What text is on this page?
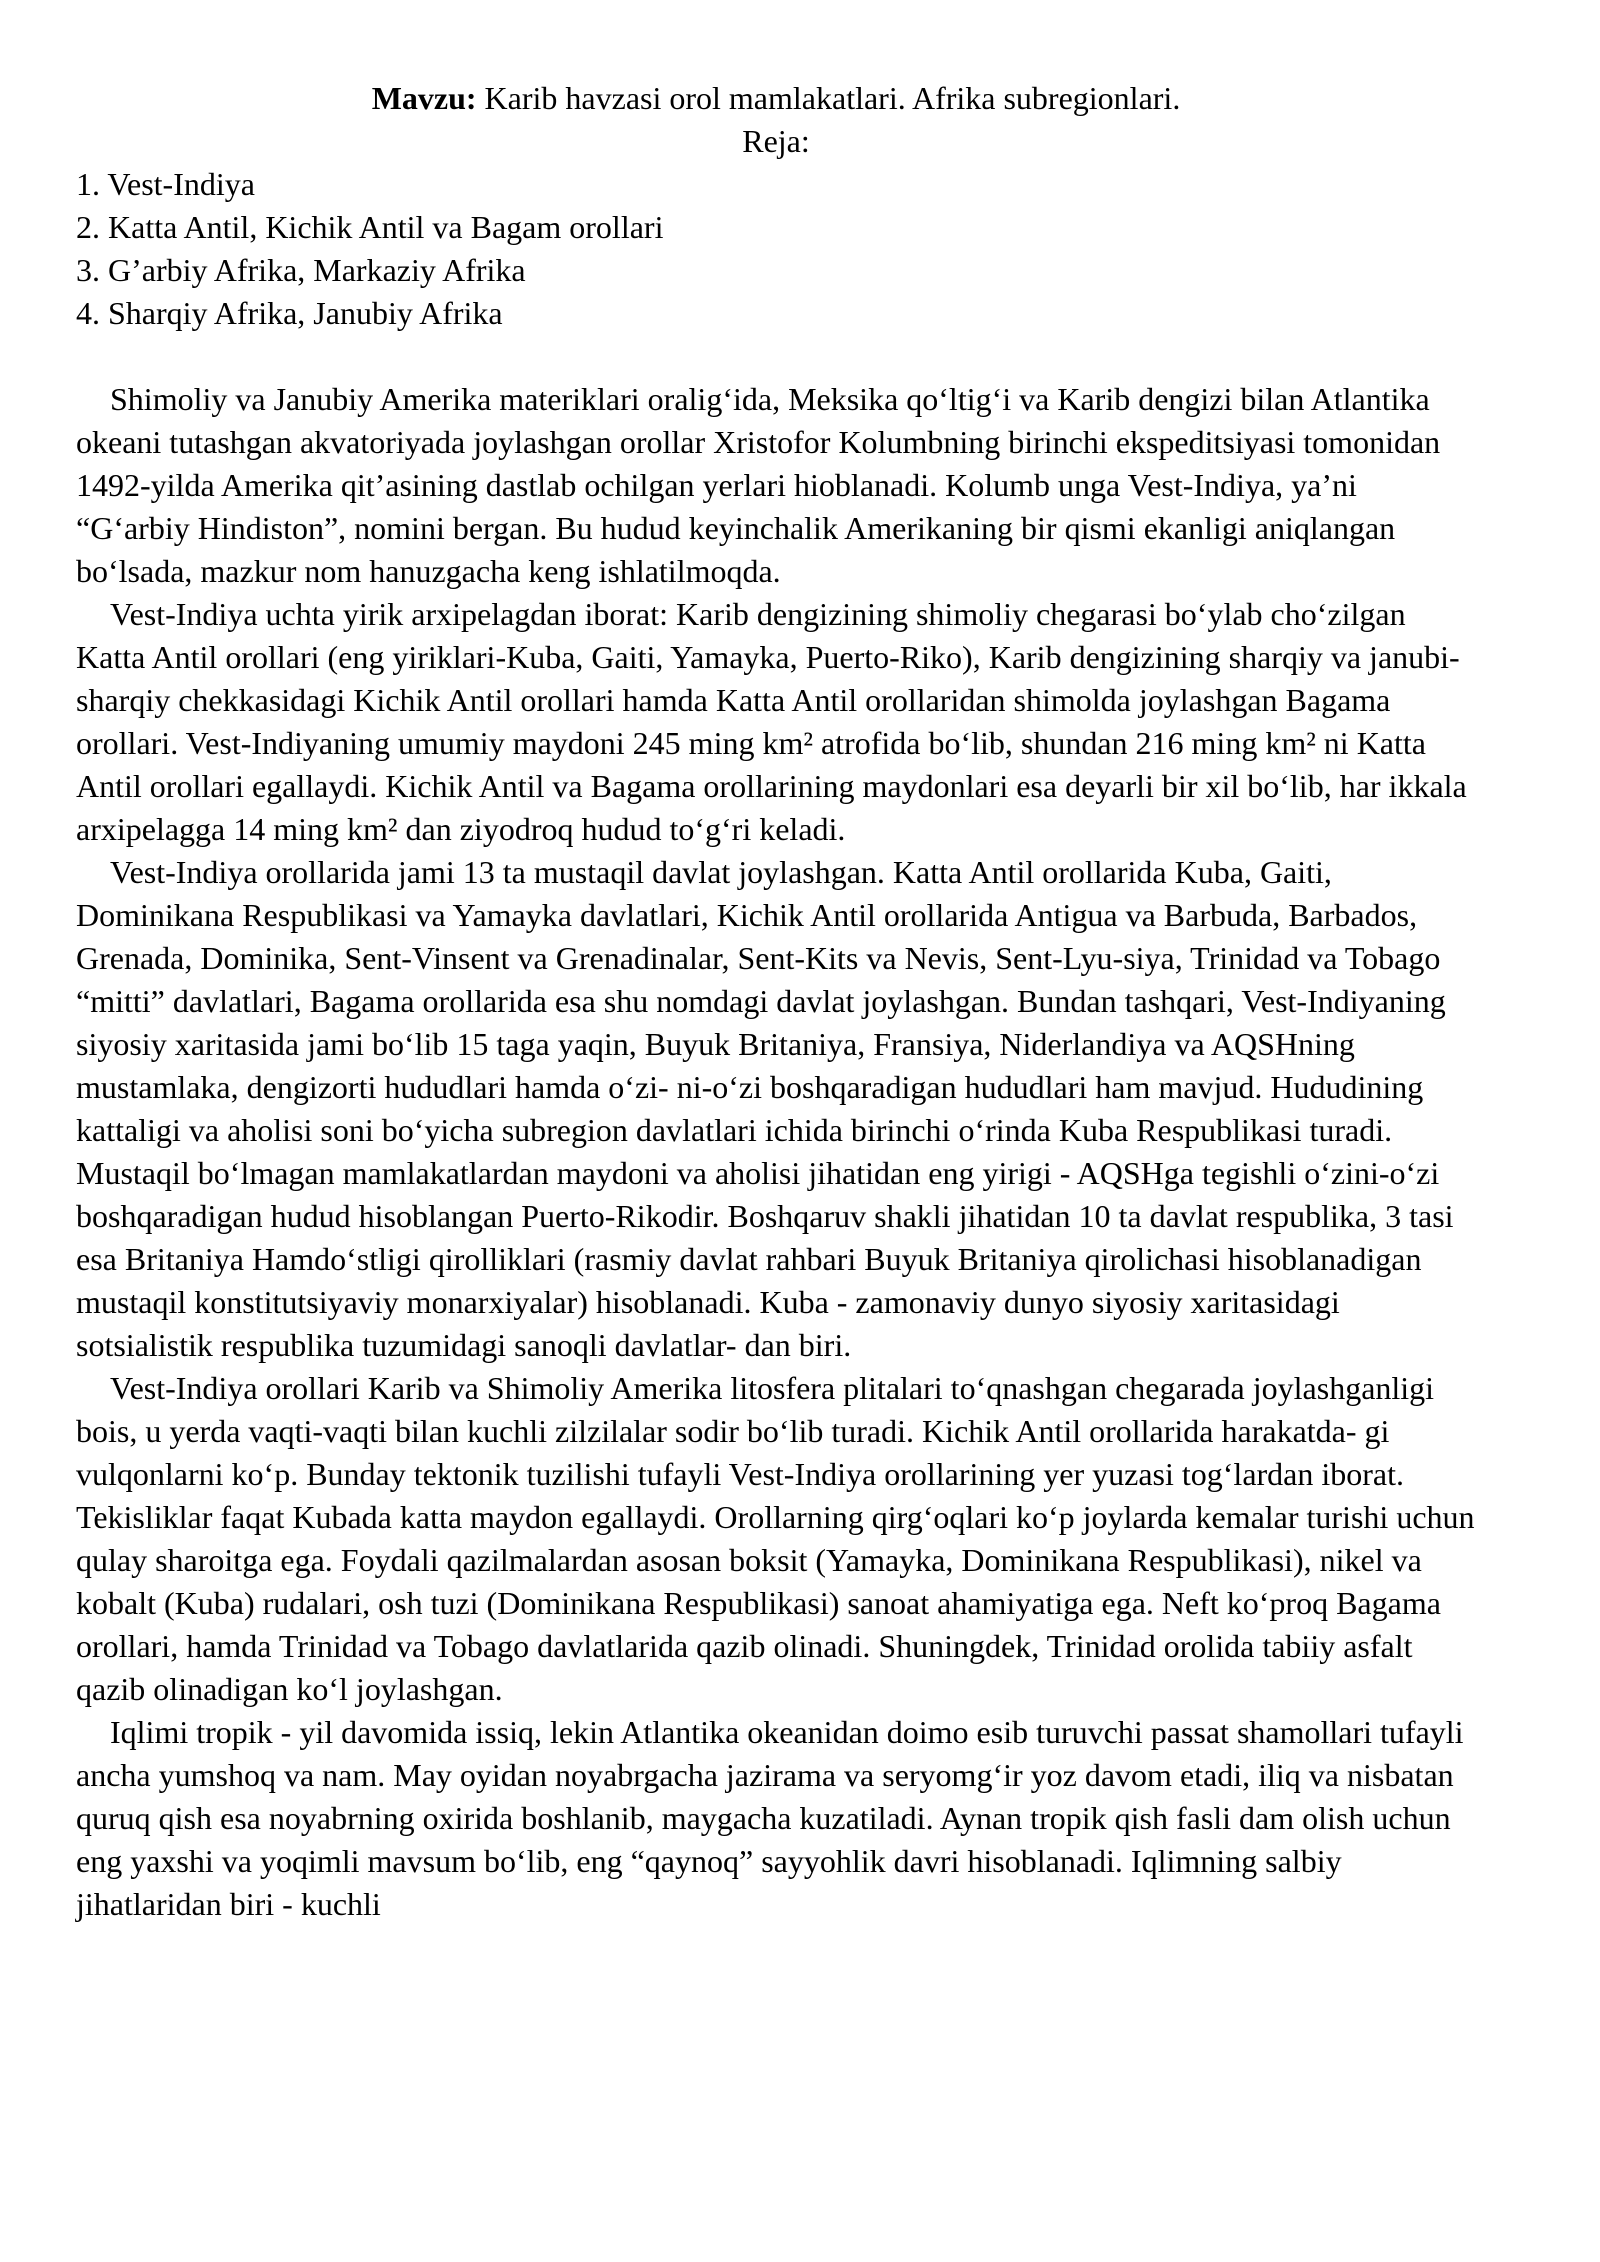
Mavzu: Karib havzasi orol mamlakatlari. Afrika subregionlari.
Reja:
1. Vest-Indiya
2. Katta Antil, Kichik Antil va Bagam orollari
3. G’arbiy Afrika, Markaziy Afrika
4. Sharqiy Afrika, Janubiy Afrika

Shimoliy va Janubiy Amerika materiklari oraligʻida, Meksika qoʻltigʻi va Karib dengizi bilan Atlantika okeani tutashgan akvatoriyada joylashgan orollar Xristofor Kolumbning birinchi ekspeditsiyasi tomonidan 1492-yilda Amerika qitʼasining dastlab ochilgan yerlari hioblanadi. Kolumb unga Vest-Indiya, yaʼni “Gʻarbiy Hindiston”, nomini bergan. Bu hudud keyinchalik Amerikaning bir qismi ekanligi aniqlangan boʻlsada, mazkur nom hanuzgacha keng ishlatilmoqda.

Vest-Indiya uchta yirik arxipelagdan iborat: Karib dengizining shimoliy chegarasi boʻylab choʻzilgan Katta Antil orollari (eng yiriklari-Kuba, Gaiti, Yamayka, Puerto-Riko), Karib dengizining sharqiy va janubi-sharqiy chekkasidagi Kichik Antil orollari hamda Katta Antil orollaridan shimolda joylashgan Bagama orollari. Vest-Indiyaning umumiy maydoni 245 ming km² atrofida boʻlib, shundan 216 ming km² ni Katta Antil orollari egallaydi. Kichik Antil va Bagama orollarining maydonlari esa deyarli bir xil boʻlib, har ikkala arxipelagga 14 ming km² dan ziyodroq hudud toʻgʻri keladi.

Vest-Indiya orollarida jami 13 ta mustaqil davlat joylashgan. Katta Antil orollarida Kuba, Gaiti, Dominikana Respublikasi va Yamayka davlatlari, Kichik Antil orollarida Antigua va Barbuda, Barbados, Grenada, Dominika, Sent-Vinsent va Grenadinalar, Sent-Kits va Nevis, Sent-Lyu-siya, Trinidad va Tobago “mitti” davlatlari, Bagama orollarida esa shu nomdagi davlat joylashgan. Bundan tashqari, Vest-Indiyaning siyosiy xaritasida jami boʻlib 15 taga yaqin, Buyuk Britaniya, Fransiya, Niderlandiya va AQSHning mustamlaka, dengizorti hududlari hamda oʻzi- ni-oʻzi boshqaradigan hududlari ham mavjud. Hududining kattaligi va aholisi soni boʻyicha subregion davlatlari ichida birinchi oʻrinda Kuba Respublikasi turadi. Mustaqil boʻlmagan mamlakatlardan maydoni va aholisi jihatidan eng yirigi - AQSHga tegishli oʻzini-oʻzi boshqaradigan hudud hisoblangan Puerto-Rikodir. Boshqaruv shakli jihatidan 10 ta davlat respublika, 3 tasi esa Britaniya Hamdoʻstligi qirolliklari (rasmiy davlat rahbari Buyuk Britaniya qirolichasi hisoblanadigan mustaqil konstitutsiyaviy monarxiyalar) hisoblanadi. Kuba - zamonaviy dunyo siyosiy xaritasidagi sotsialistik respublika tuzumidagi sanoqli davlatlar- dan biri.

Vest-Indiya orollari Karib va Shimoliy Amerika litosfera plitalari toʻqnashgan chegarada joylashganligi bois, u yerda vaqti-vaqti bilan kuchli zilzilalar sodir boʻlib turadi. Kichik Antil orollarida harakatda- gi vulqonlarni koʻp. Bunday tektonik tuzilishi tufayli Vest-Indiya orollarining yer yuzasi togʻlardan iborat. Tekisliklar faqat Kubada katta maydon egallaydi. Orollarning qirgʻoqlari koʻp joylarda kemalar turishi uchun qulay sharoitga ega. Foydali qazilmalardan asosan boksit (Yamayka, Dominikana Respublikasi), nikel va kobalt (Kuba) rudalari, osh tuzi (Dominikana Respublikasi) sanoat ahamiyatiga ega. Neft koʻproq Bagama orollari, hamda Trinidad va Tobago davlatlarida qazib olinadi. Shuningdek, Trinidad orolida tabiiy asfalt qazib olinadigan koʻl joylashgan.

Iqlimi tropik - yil davomida issiq, lekin Atlantika okeanidan doimo esib turuvchi passat shamollari tufayli ancha yumshoq va nam. May oyidan noyabrgacha jazirama va seryomgʻir yoz davom etadi, iliq va nisbatan quruq qish esa noyabrning oxirida boshlanib, maygacha kuzatiladi. Aynan tropik qish fasli dam olish uchun eng yaxshi va yoqimli mavsum boʻlib, eng “qaynoq” sayyohlik davri hisoblanadi. Iqlimning salbiy jihatlaridan biri - kuchli
